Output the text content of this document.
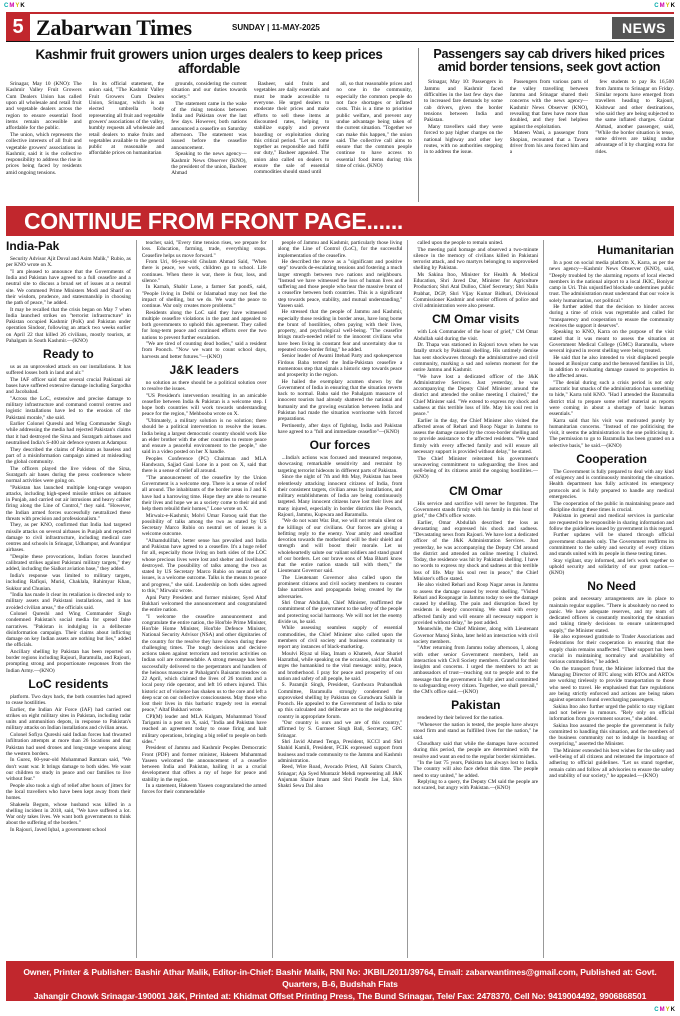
CMYK	CMYK
5 Zabarwan Times	SUNDAY | 11-MAY-2025	NEWS
Kashmir fruit growers union urges dealers to keep prices affordable

Srinagar, May 10 (KNO): The Kashmir Valley Fruit Growers Cum Dealers Union has called upon all wholesale and retail fruit and vegetable dealers across the region to ensure essential food items remain accessible and affordable for the public.

The union, which represents the collective interests of all fruit and vegetable growers' associations in Kashmir, said it is the collective responsibility to address the rise in prices being faced by residents amid ongoing tensions.

In its official statement, the union said, "The Kashmir Valley Fruit Growers Cum Dealers Union, Srinagar, which is an elected umbrella body representing all fruit and vegetable growers' associations of the valley, humbly requests all wholesale and retail dealers to make fruits and vegetables available to the general public at reasonable and affordable prices on humanitarian

grounds, considering the current situation and our duties towards society."

The statement came in the wake of the rising tensions between India and Pakistan over the last few days. However, both nations announced a ceasefire on Saturday afternoon. The statement was issued before the ceasefire announcement.

Speaking to the news agency—Kashmir News Observer (KNO), the president of the union, Basheer Ahmad

Basheer, said fruits and vegetables are daily essentials and must be made accessible to everyone. He urged dealers to moderate their prices and make efforts to sell these items at discounted rates, helping to stabilize supply and prevent hoarding or exploitation during this critical period. "Let us come together as responsible and fulfil our duty," Basheer appealed. The union also called on dealers to ensure the sale of essential commodities should stand until

all, so that reasonable prices and no one in the community, especially the common people do not face shortages or inflated costs. This is a time to prioritise public welfare, and prevent any undue advantage being taken of the current situation. "Together we can make this happen," the union said. The collective call aims to ensure that the common people continue to have access to essential food items during this time of crisis. (KNO)

Passengers say cab drivers hiked prices amid border tensions, seek govt action

Srinagar, May 10: Passengers in Jammu and Kashmir faced difficulties in the last few days due to increased fare demands by some cab drivers, given the border tensions between India and Pakistan.

Many travellers said they were forced to pay higher charges on the national highway and other key routes, with no authorities stepping in to address the issue.

Passengers from various parts of the valley travelling between Jammu and Srinagar shared their concerns with the news agency—Kashmir News Observer (KNO), revealing that fares have more than doubled, and they feel helpless against the exploitation.

Mateen Wani, a passenger from Shopian, recounted that a Tavera driver from his area forced him and a

few students to pay Rs 16,500 from Jammu to Srinagar on Friday. Similar reports have emerged from travellers heading to Rajouri, Kishtwar and other destinations, who said they are being subjected to the same inflated charges. Gulzar Ahmad, another passenger, said, "While the border situation is tense, some drivers are taking undue advantage of it by charging extra for rides.

CONTINUE FROM FRONT PAGE......
India-Pak

Security Advisor Ajit Doval and Asim Malik," Rubio, as per KNO wrote on X.

"I am pleased to announce that the Governments of India and Pakistan have agreed to a full ceasefire and a neutral site to discuss a broad set of issues at a neutral site. We commend Prime Ministers Modi and Sharif on their wisdom, prudence, and statesmanship in choosing the path of peace," he added.

It may be recalled that the crisis began on May 7 when India launched strikes on "terrorist infrastructure" in Pakistan occupied Kashmir (PoK) and Pakistan under operation Sindoor, following an attack two weeks earlier on April 22 that killed 26 civilians, mostly tourists, at Pahalgam in South Kashmir.—(KNO)

Ready to

us as an unprovoked attack on our installations. It has suffered losses both in land and air."

The IAF officer said that several crucial Pakistani air bases have suffered extensive damage including Sargodha and Jacobabad.

"Across the LoC, extensive and precise damage to military infrastructure and command control centres and logistic installations have led to the erosion of the Pakistani morale," she said.

Earlier Colonel Qureshi and Wing Commander Singh while addressing the media had rejected Pakistan's claims that it had destroyed the Sirsa and Suratgarh airbases and neutralised India's S-400 air defence system at Adampur.

They described the claims of Pakistan as baseless and part of a misinformation campaign aimed at misleading the global community.

The officers played the live videos of the Sirsa, Suratgarh air bases during the press conference where normal activities were going on.

"Pakistan has launched multiple long-range weapon attacks, including high-speed missile strikes on airbases in Punjab, and carried out air intrusions and heavy caliber firing along the Line of Control," they said. "However, the Indian armed forces successfully neutralized these threats with precision and professionalism."

They, as per KNO, confirmed that India had targeted missile attacks on several airbases in Punjab and reported damage to civil infrastructure, including medical care centres and schools in Srinagar, Udhampur, and Avantipur airbases.

"Despite these provocations, Indian forces launched calibrated strikes against Pakistani military targets," they added, including the Sialkot aviation base," they added.

India's response was limited to military targets, including Rafiqui, Murid, Chaklala, Rahimyar Khan, Sukkur and Chunian.

"India has made it clear its retaliation is directed only to military assets and Pakistani installations, and it has avoided civilian areas," the officials said.

Colonel Qureshi and Wing Commander Singh condemned Pakistan's social media for spread false narratives. "Pakistan is indulging in a deliberate disinformation campaign. Their claims about inflicting damage on key Indian assets are nothing but lies," added the officials.

Ancillary shelling by Pakistan has been reported on border regions including Rajouri, Baramulla, and Rajouri, prompting strong and proportionate responses from the Indian Army.—(KNO)

LoC residents

platform. Two days back, the both countries had agreed to cease hostilities.

Earlier, the Indian Air Force (IAF) had carried out strikes on eight military sites in Pakistan, including radar units and ammunition depots, in response to Pakistan's military attacks on Indian installations and civilian areas.

Colonel Sofiya Qureshi said Indian forces had thwarted infiltration attempts at more than 26 locations and that Pakistan had used drones and long-range weapons along the western borders.

In Gurez, 60-year-old Mohammad Ramzan said, "We don't want war. It brings damage to both sides. We want our children to study in peace and our families to live without fear."

People also took a sigh of relief after hours of jitters for the local travellers who have been kept away from their homes.

Shakeela Begum, whose husband was killed in a shelling incident in 2018, said, "We have suffered a lot. War only takes lives. We want both governments to think about the suffering of the borders."

In Rajouri, Javed Iqbal, a government school

teacher, said, "Every time tension rises, we prepare for loss. Education, farming, trade, everything stops. Ceasefire helps us move forward."

From Uri, 66-year-old Ghulam Ahmad Said, "When there is peace, we work, children go to school. Life continues. When there is war, there is fear, loss, and silence."

In Karnah, Shabir Lone, a farmer Sat pondS, said, "People living in Delhi or Islamabad may not feel the impact of shelling, but we do. We want the peace to continue. War only creates more problems."

Residents along the LoC said they have witnessed multiple ceasefire violations in the past and appealed to both governments to uphold this agreement. They called for long-term peace and continued efforts over the two nations to prevent further escalation.

"We are tired of counting dead bodies," said a resident from Poonch. "Now we want to count school days, harvests and better futures."—(KNO)

J&K leaders

no solution as there should be a political solution over to resolve the issues.

"US President's intervention resulting in an amicable ceasefire between India & Pakistan is a welcome step. I hope both countries will work towards understanding peace for the region," Mehbooba wrote on X.

"Ultimately, a military solution is no solution; there should be a political intervention to resolve the issues. India being a largest democratic country should work like an elder brother with the other countries to restore peace and ensure a peaceful environment to the people," she said in a video posted on her X handle.

Peoples Conference (PC) Chairman and MLA Handwara, Sajjad Gani Lone in a post on X, said that there is a sense of relief all around.

"The announcement of the ceasefire by the Union Government is a welcome step. There is a sense of relief all around. The inhabitants of the border areas in J and K have had a harrowing time. Hope they are able to resume their lives and hope we as a society come to their aid and help them rebuild their homes," Lone wrote on X.

Mirwaiz-e-Kashmir, Molvi Umar Farooq said that the possibility of talks among the two as stated by US Secretary Marco Rubio on neutral set of issues is a welcome outcome.

"Alhamdulillah, better sense has prevailed and India and Pakistan have agreed to a ceasefire. It's a huge relief for all, especially those living on both sides of the LOC whose precious lives were lost and shelter and livelihood destroyed. The possibility of talks among the two as stated by US Secretary Marco Rubio on neutral set of issues, is a welcome outcome. Talks is the means to peace and progress," she said. Leadership on both sides agreed to this," Mirwaiz wrote.

Apni Party President and former minister, Syed Altaf Bukhari welcomed the announcement and congratulated the entire nation.

"I welcome the ceasefire announcement and congratulate the entire nation, the Hon'ble Prime Minister, Hon'ble Home Minister, Hon'ble Defence Minister, National Security Advisor (NSA) and other dignitaries of the country for the resolve they have shown during these challenging times. The tough decisions and decisive actions taken against terrorism and terrorist activities on Indian soil are commendable. A strong message has been successfully delivered to the perpetrators and handlers of the heinous massacre at Pahalgam's Baisaran meadow on 22 April, which claimed the lives of 26 tourists and a local pony ride operator, and left 16 others injured. This historic act of violence has shaken us to the core and left a deep scar on our collective consciousness. May those who lost their lives in this barbaric tragedy rest in eternal peace," Altaf Bukhari wrote.

CPI(M) leader and MLA Kulgam, Mohammad Yousf Tarigami in a post on X, said, "India and Pakistan have reached an agreement today to cease firing and halt military operations, bringing a big relief to people on both sides."

President of Jammu and Kashmir Peoples Democratic Front (PDF) and former minister, Hakeem Muhammad Yaseen welcomed the announcement of a ceasefire between India and Pakistan, hailing it as a crucial development that offers a ray of hope for peace and stability in the region.

In a statement, Hakeem Yaseen congratulated the armed forces for their commendable

people of Jammu and Kashmir, particularly those living along the Line of Control (LoC), for the successful implementation of the ceasefire.

He described the move as a "significant and positive step" towards de-escalating tensions and fostering a much larger strength between two nations and neighbours. "Instead we have witnessed the loss of human lives and suffering and those people who bear the massive brunt of a ceasefire between both countries. This is a significant step towards peace, stability, and mutual understanding," Yaseen said.

He stressed that the people of Jammu and Kashmir, especially those residing in border areas, have long borne the brunt of hostilities, often paying with their lives, property, and psychological well-being. "The ceasefire brings much-needed relief to the innocent civilians who have been living in constant fear and uncertainty due to repeated cross-border firing," he added.

Senior leader of Awami Ittehad Party and spokesperson Firdous Baba termed the India-Pakistan ceasefire a momentous step that signals a historic step towards peace and prosperity in the region.

He hailed the exemplary acumen shown by the Government of India in ensuring that the situation reverts back to normal. Baba said the Pahalgam massacre of innocent tourists had already shattered the national and humanity and the growing escalation between India and Pakistan had made the situation worrisome with forced preparations.

Pertinently, after days of fighting, India and Pakistan have agreed to a "full and immediate ceasefire"—(KNO)

Our forces

...India's actions was focused and measured response, showcasing remarkable sensitivity and restraint by targeting terrorist hideouts in different parts of Pakistan.

Since the night of 7th and 8th May, Pakistan has been relentlessly attacking innocent citizens of India, from their consistent targets, civilian areas by installations, and military establishments of India are being continuously targeted. Many innocent citizens have lost their lives and many injured, especially in border districts like Poonch, Rajouri, Jammu, Kupwara and Baramulla.

"We do not want War. But, we will not remain silent on the killings of our civilians. Our forces are giving a befitting reply to the enemy. Your amity and steadfast devotion towards the motherland will be their shield and strength and will boost their morale. Let us wholeheartedly salute our valiant soldiers and stand guard of our borders. Let our brave sons of Maa Bharti know that the entire nation stands tall with them," the Lieutenant Governor said.

The Lieutenant Governor also called upon the prominent citizens and civil society members to counter false narratives and propaganda being created by the adversaries.

Shri Omar Abdullah, Chief Minister, reaffirmed the commitment of the government to the safety of the people and protecting social harmony. We will not let the enemy divide us, he said.

While assessing seamless supply of essential commodities, the Chief Minister also called upon the members of civil society and business community to report any instances of black-marketing.

Moulvi Riyaz ul Haq, Imam o Khateeb, Asar Sharief Hazratbal, while speaking on the occasion, said that Allah urges the humankind to the vital message: unity, peace, and brotherhood. I pray for peace and prosperity of our nation and safety of all people, he said.

S. Paramjit Singh, President, Gurdwara Prabandhak Committee, Baramulla strongly condemned the unprovoked shelling by Pakistan on Gurudwara Sahib in Poonch. He appealed to the Government of India to take up this calculated and deliberate act to the neighbouring country in appropriate forum.

"Our country is ours and we are of this country," affirmed by S. Gurmeet Singh Bali, Secretary, GPC Srinagar.

Shri Javid Ahmed Tenga, President, KCCI and Shri Shahid Kamili, President, FCIK expressed support from business and trade community to the Jammu and Kashmir administration.

Reed, Wire Road, Avocado Priest, All Saints Church, Srinagar; Aja Syed Muntazir Mehdi representing all J&K Anjuman Shaire Imam and Shri Pandit Jee Lal, Shiv Shakti Sewa Dal also

called upon the people to remain united.

The meeting paid homage and observed a two-minute silence in the memory of civilians killed in Pakistani terrorist attack, and two martyrs belonging to unprovoked shelling by Pakistan.

Ms Sakina Itoo, Minister for Health & Medical Education, Shri Javed Dar, Minister for Agriculture Production; Shri Atal Dulloo, Chief Secretary; Shri Nalin Prabhat, DGP; Shri Vijay Kumar Bidhuri, Divisional Commissioner Kashmir and senior officers of police and civil administration were also present.

CM Omar visits

with Lok Commander of the hour of grief," CM Omar Abdullah said during the visit.

Dr. Thapa was stationed in Rajouri town when he was fatally struck by Pakistani shelling. His untimely demise has sent shockwaves through the administrative and civil community, marking a sad and solemn moment for the entire Jammu and Kashmir.

"We have lost a dedicated officer of the J&K Administrative Services. Just yesterday, he was accompanying the Deputy Chief Minister around the district and attended the online meeting I chaired," the Chief Minister said. "We extend to express my shock and sadness at this terrible loss of life. May his soul rest in peace."

Earlier in the day, the Chief Minister also visited the affected areas of Rehari and Roop Nagar in Jammu to assess the damage caused by the cross-border shelling and to provide assistance to the affected residents. "We stand firmly with every affected family and will ensure all necessary support is provided without delay," he stated.

The Chief Minister reiterated his government's unwavering commitment to safeguarding the lives and well-being of its citizens amid the ongoing hostilities.—(KNO)

CM Omar

His service and sacrifice will never be forgotten. The Government stands firmly with his family in this hour of grief," the CM's office wrote.

Earlier, Omar Abdullah described the loss as devastating and expressed his shock and sadness. "Devastating news from Rajouri. We have lost a dedicated officer of the J&K Administration Services. Just yesterday, he was accompanying the Deputy CM around the district and attended an online meeting I chaired. Today, the residence was hit by Pakistani shelling. I have no words to express my shock and sadness at this terrible loss of life. May his soul rest in peace," the Chief Minister's office stated.

He also visited Rehari and Roop Nagar areas in Jammu to assess the damage caused by recent shelling. "Visited Rehari and Roopnagar in Jammu today to see the damage caused by shelling. The pain and disruption faced by residents is deeply concerning. We stand with every affected family and will ensure all necessary support is provided without delay," he post added.

Meanwhile, the Chief Minister, along with Lieutenant Governor Manoj Sinha, later held an interaction with civil society members.

"After returning from Jammu today afternoon, I, along with other senior Government members, held an interaction with Civil Society members. Grateful for their insights and concerns. I urged the members to act as ambassadors of trust—reaching out to people and to the message that the government is fully alert and committed to safeguarding every citizen. Together, we shall prevail," the CM's office said.—(KNO)

Pakistan

rendered by their beloved for the nation.

"Whenever the nation is tested, the people have always stood firm and stand as fulfilled lives for the nation," he said.

Choudhary said that while the damages have occurred during this period, the people are determined with the resolve and want an end to the regular border skirmishes.

"In the last 75 years, Pakistan has always lost to India. The country will also face defeat this time. The people need to stay united," he added.

Replying to a query, the Deputy CM said the people are not scared, but angry with Pakistan.—(KNO)

Humanitarian

In a post on social media platform X, Karra, as per the news agency—Kashmir News Observer (KNO), said, "Deeply troubled by the alarming reports of local elected members in the national airport to a local JKIC, Boniyar camp in Uri. This unjustified blockade undermines public trust. The administration must understand that our voice is solely humanitarian, not political."

He further added that the decision to hinder access during a time of crisis was regrettable and called for "transparency and cooperation to ensure the community receives the support it deserves".

Speaking to KNO, Karra on the purpose of the visit stated that it was meant to assess the situation at Government Medical College (GMC) Baramulla, where several injured in recent shelling were being treated.

He said that he also intended to visit displaced people housed at Boniyar camp and the bereaved families in Uri, in addition to evaluating damage caused to properties in the affected areas.

"The denial during such a crisis period is not only autocratic but smacks of the administration has something to hide," Karra told KNO. "Had I attended the Baramulla district trial to prepare some relief material as reports were coming in about a shortage of basic human essentials."

Karra said that his visit was motivated purely by humanitarian concerns. "Instead of me politicising the visit, it seems the administration is the one politicising it. The permission to go to Baramulla has been granted on a selective basis," he said.—(KNO)

Cooperation

The Government is fully prepared to deal with any kind of exigency and is continuously monitoring the situation. Health department has fully activated its emergency protocols and is fully prepared to handle any medical emergencies.

The cooperation of the public in maintaining peace and discipline during these times is crucial.

Pakistan in general and medical services in particular are requested to be responsible in sharing information and follow the guidelines issued by government in this regard.

Further updates will be shared through official government channels only. The Government reaffirms its commitment to the safety and security of every citizen and stands united with its people in these testing times.

Stay vigilant, stay informed, and let's work together to uphold security and solidarity of our great nation.—(KNO)

No Need

points and necessary arrangements are in place to maintain regular supplies. "There is absolutely no need to panic. We have adequate reserves, and my team of dedicated officers is constantly monitoring the situation and taking timely decisions to ensure uninterrupted supply," the Minister stated.

He also expressed gratitude to Trader Associations and Federations for their cooperation in ensuring that the supply chain remains unaffected. "Their support has been crucial in maintaining normalcy and availability of various commodities," he added.

On the transport front, the Minister informed that the Managing Director of RTC along with RTOs and ARTOs are working tirelessly to provide transportation to those who need to travel. He emphasised that fare regulations are being strictly enforced and actions are being taken against operators found overcharging passengers.

Sakina Itoo also further urged the public to stay vigilant and not believe in rumours. "Rely only on official information from government sources," she added.

Sakina Itoo assured the people the government is fully committed to handling this situation, and the members of the business community not to indulge in hoarding or overpricing," asserted the Minister.

The Minister extended his best wishes for the safety and well-being of all citizens and reiterated the importance of adhering to official guidelines. "Let us stand together, remain calm and follow all advisories to ensure the safety and stability of our society," he appealed.—(KNO)

Owner, Printer & Publisher: Bashir Athar Malik, Editor-in-Chief: Bashir Malik, RNI No: JKBIL/2011/39764, Email: zabarwantimes@gmail.com, Published at: Govt. Quarters, B-6, Budshah Flats
Jahangir Chowk Srinagar-190001 J&K, Printed at: Khidmat Offset Printing Press, The Bund Srinagar, Tele/ Fax: 2478370, Cell No: 9419004492, 9906868501
CMYK
